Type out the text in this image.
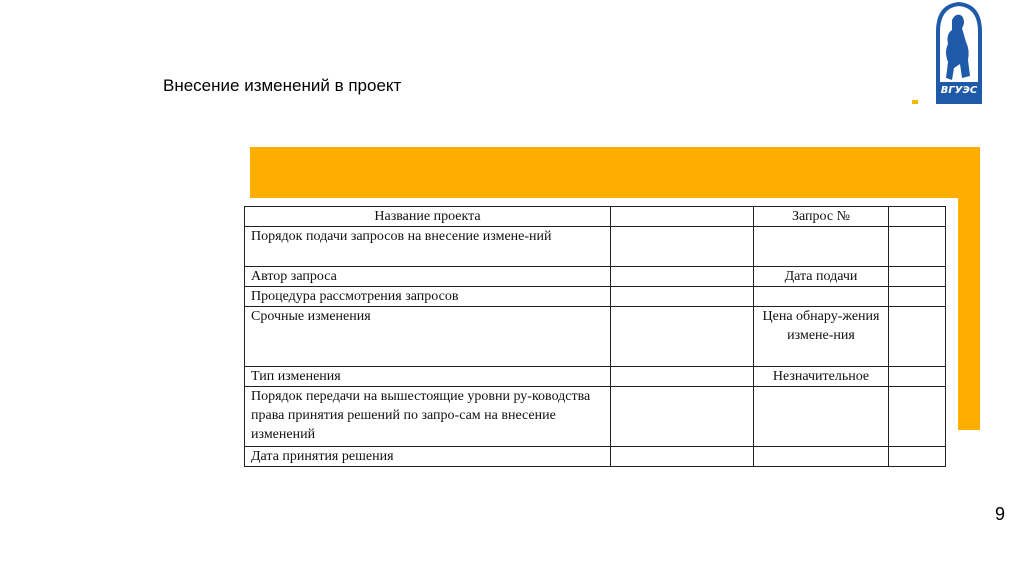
Внесение изменений в проект	ВГУЭС
Название проекта		Запрос №	
Порядок подачи запросов на внесение измене-ний			
Автор запроса		Дата подачи	
Процедура рассмотрения запросов			
Срочные изменения		Цена обнару-жения измене-ния	
Тип изменения		Незначительное	
Порядок передачи на вышестоящие уровни ру-ководства права принятия решений по запро-сам на внесение изменений			
Дата принятия решения			
9
